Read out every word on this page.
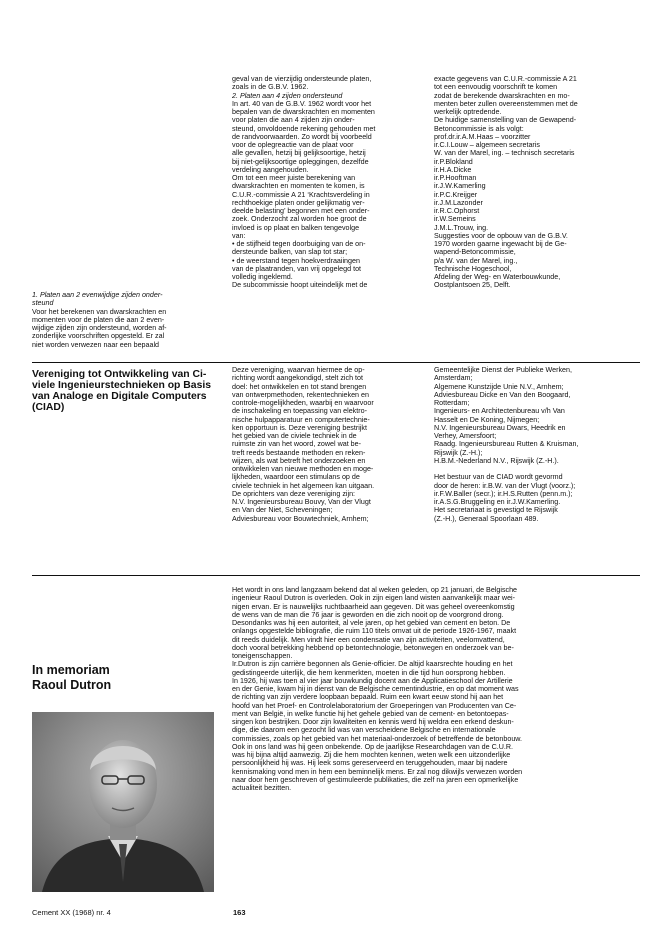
1. Platen aan 2 evenwijdige zijden onder-

steund

Voor het berekenen van dwarskrachten en

momenten voor de platen die aan 2 even-

wijdige zijden zijn ondersteund, worden af-

zonderlijke voorschriften opgesteld. Er zal

niet worden verwezen naar een bepaald

geval van de vierzijdig ondersteunde platen,

zoals in de G.B.V. 1962.

2. Platen aan 4 zijden ondersteund

In art. 40 van de G.B.V. 1962 wordt voor het

bepalen van de dwarskrachten en momenten

voor platen die aan 4 zijden zijn onder-

steund, onvoldoende rekening gehouden met

de randvoorwaarden. Zo wordt bij voorbeeld

voor de oplegreactie van de plaat voor

alle gevallen, hetzij bij gelijksoortige, hetzij

bij niet-gelijksoortige opleggingen, dezelfde

verdeling aangehouden.

Om tot een meer juiste berekening van

dwarskrachten en momenten te komen, is

C.U.R.-commissie A 21 ‘Krachtsverdeling in

rechthoekige platen onder gelijkmatig ver-

deelde belasting’ begonnen met een onder-

zoek. Onderzocht zal worden hoe groot de

invloed is op plaat en balken tengevolge

van:

• de stijfheid tegen doorbuiging van de on-

dersteunde balken, van slap tot star;

• de weerstand tegen hoekverdraaiingen

van de plaatranden, van vrij opgelegd tot

volledig ingeklemd.

De subcommissie hoopt uiteindelijk met de

exacte gegevens van C.U.R.-commissie A 21

tot een eenvoudig voorschrift te komen

zodat de berekende dwarskrachten en mo-

menten beter zullen overeenstemmen met de

werkelijk optredende.

De huidige samenstelling van de Gewapend-

Betoncommissie is als volgt:

prof.dr.ir.A.M.Haas – voorzitter

ir.C.I.Louw – algemeen secretaris

W. van der Marel, ing. – technisch secretaris

ir.P.Blokland

ir.H.A.Dicke

ir.P.Hooftman

ir.J.W.Kamerling

ir.P.C.Kreijger

ir.J.M.Lazonder

ir.R.C.Ophorst

ir.W.Semeins

J.M.L.Trouw, ing.

Suggesties voor de opbouw van de G.B.V.

1970 worden gaarne ingewacht bij de Ge-

wapend-Betoncommissie,

p/a W. van der Marel, ing.,

Technische Hogeschool,

Afdeling der Weg- en Waterbouwkunde,

Oostplantsoen 25, Delft.

Vereniging tot Ontwikkeling van Ci-
viele Ingenieurstechnieken op Basis
van Analoge en Digitale Computers
(CIAD)

Deze vereniging, waarvan hiermee de op-

richting wordt aangekondigd, stelt zich tot

doel: het ontwikkelen en tot stand brengen

van ontwerpmethoden, rekentechnieken en

controle-mogelijkheden, waarbij en waarvoor

de inschakeling en toepassing van elektro-

nische hulpapparatuur en computertechnie-

ken opportuun is. Deze vereniging bestrijkt

het gebied van de civiele techniek in de

ruimste zin van het woord, zowel wat be-

treft reeds bestaande methoden en reken-

wijzen, als wat betreft het onderzoeken en

ontwikkelen van nieuwe methoden en moge-

lijkheden, waardoor een stimulans op de

civiele techniek in het algemeen kan uitgaan.

De oprichters van deze vereniging zijn:

N.V. Ingenieursbureau Bouvy, Van der Vlugt

en Van der Niet, Scheveningen;

Adviesbureau voor Bouwtechniek, Arnhem;

Gemeentelijke Dienst der Publieke Werken,

Amsterdam;

Algemene Kunstzijde Unie N.V., Arnhem;

Adviesbureau Dicke en Van den Boogaard,

Rotterdam;

Ingenieurs- en Architectenbureau v/h Van

Hasselt en De Koning, Nijmegen;

N.V. Ingenieursbureau Dwars, Heedrik en

Verhey, Amersfoort;

Raadg. Ingenieursbureau Rutten & Kruisman,

Rijswijk (Z.-H.);

H.B.M.-Nederland N.V., Rijswijk (Z.-H.).

Het bestuur van de CIAD wordt gevormd

door de heren: ir.B.W. van der Vlugt (voorz.);

ir.F.W.Baller (secr.); ir.H.S.Rutten (penn.m.);

ir.A.S.G.Bruggeling en ir.J.W.Kamerling.

Het secretariaat is gevestigd te Rijswijk

(Z.-H.), Generaal Spoorlaan 489.

In memoriam
Raoul Dutron

Het wordt in ons land langzaam bekend dat al weken geleden, op 21 januari, de Belgische

ingenieur Raoul Dutron is overleden. Ook in zijn eigen land wisten aanvankelijk maar wei-

nigen ervan. Er is nauwelijks ruchtbaarheid aan gegeven. Dit was geheel overeenkomstig

de wens van de man die 76 jaar is geworden en die zich nooit op de voorgrond drong.

Desondanks was hij een autoriteit, al vele jaren, op het gebied van cement en beton. De

onlangs opgestelde bibliografie, die ruim 110 titels omvat uit de periode 1926-1967, maakt

dit reeds duidelijk. Men vindt hier een condensatie van zijn activiteiten, veelomvattend,

doch vooral betrekking hebbend op betontechnologie, betonwegen en onderzoek van be-

toneigenschappen.

Ir.Dutron is zijn carrière begonnen als Genie-officier. De altijd kaarsrechte houding en het

gedistingeerde uiterlijk, die hem kenmerkten, moeten in die tijd hun oorsprong hebben.

In 1926, hij was toen al vier jaar bouwkundig docent aan de Applicatieschool der Artillerie

en der Genie, kwam hij in dienst van de Belgische cementindustrie, en op dat moment was

de richting van zijn verdere loopbaan bepaald. Ruim een kwart eeuw stond hij aan het

hoofd van het Proef- en Controlelaboratorium der Groeperingen van Producenten van Ce-

ment van België, in welke functie hij het gehele gebied van de cement- en betontoepas-

singen kon bestrijken. Door zijn kwaliteiten en kennis werd hij weldra een erkend deskun-

dige, die daarom een gezocht lid was van verscheidene Belgische en internationale

commissies, zoals op het gebied van het materiaal-onderzoek of betreffende de betonbouw.

Ook in ons land was hij geen onbekende. Op de jaarlijkse Researchdagen van de C.U.R.

was hij bijna altijd aanwezig. Zij die hem mochten kennen, weten welk een uitzonderlijke

persoonlijkheid hij was. Hij leek soms gereserveerd en teruggehouden, maar bij nadere

kennismaking vond men in hem een beminnelijk mens. Er zal nog dikwijls verwezen worden

naar door hem geschreven of gestimuleerde publikaties, die zelf na jaren een opmerkelijke

actualiteit bezitten.

Cement XX (1968) nr. 4	163
